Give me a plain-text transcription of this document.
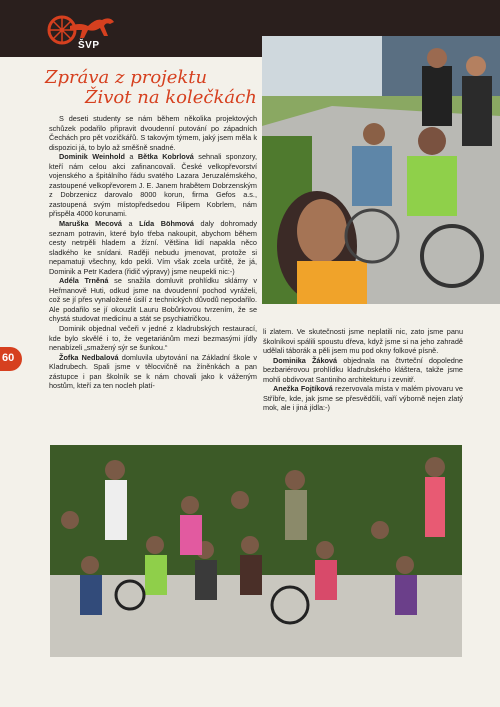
ŠVP
Zpráva z projektu
Život na kolečkách

S deseti studenty se nám během několika projektových schůzek podařilo připravit dvoudenní putování po západních Čechách pro pět vozíčkářů. S takovým týmem, jaký jsem měla k dispozici já, to bylo až směšně snadné.

Dominik Weinhold a Bětka Kobrlová sehnali sponzory, kteří nám celou akci zafinancovali. České velkopřevorství vojenského a špitálního řádu svatého Lazara Jeruzalémského, zastoupené velkopřevorem J. E. Janem hrabětem Dobrzenským z Dobrzenicz darovalo 8000 korun, firma Gefos a.s., zastoupená svým místopředsedou Filipem Kobrlem, nám přispěla 4000 korunami.

Maruška Mecová a Lída Böhmová daly dohromady seznam potravin, které bylo třeba nakoupit, abychom během cesty netrpěli hladem a žízní. Většina lidí napakla něco sladkého ke snídani. Raději nebudu jmenovat, protože si nepamatuji všechny, kdo pekli. Vím však zcela určitě, že já, Dominik a Petr Kadera (řidič výpravy) jsme neupekli nic:-)

Adéla Trněná se snažila domluvit prohlídku sklárny v Heřmanově Huti, odkud jsme na dvoudenní pochod vyráželi, což se jí přes vynaložené úsilí z technických důvodů nepodařilo. Ale podařilo se jí okouzlit Lauru Bobůrkovou tvrzením, že se chystá studovat medicínu a stát se psychiatričkou.

Dominik objednal večeři v jedné z kladrubských restaurací, kde bylo skvělé i to, že vegetariánům mezi bezmasými jídly nenabízeli „smažený sýr se šunkou.“

Žofka Nedbalová domluvila ubytování na Základní škole v Kladrubech. Spali jsme v tělocvičně na žíněnkách a pan zástupce i pan školník se k nám chovali jako k váženým hostům, kteří za ten nocleh platí-

li zlatem. Ve skutečnosti jsme neplatili nic, zato jsme panu školníkovi spálili spoustu dřeva, když jsme si na jeho zahradě udělali táborák a pěli jsem mu pod okny folkové písně.

Dominika Žáková objednala na čtvrteční dopoledne bezbariérovou prohlídku kladrubského kláštera, takže jsme mohli obdivovat Santiniho architekturu i zevnitř.

Anežka Fojtíková rezervovala místa v malém pivovaru ve Stříbře, kde, jak jsme se přesvědčili, vaří výborně nejen zlatý mok, ale i jiná jídla:-)

60
